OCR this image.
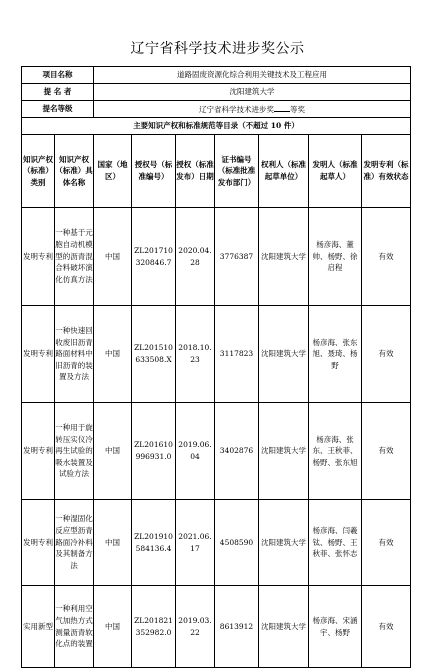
辽宁省科学技术进步奖公示
项目名称		道路固废资源化综合利用关键技术及工程应用						
提 名 者		沈阳建筑大学						
提名等级		辽宁省科学技术进步奖 等奖						
主要知识产权和标准规范等目录（不超过 10 件）								
知识产权（标准）类别	知识产权（标准）具体名称	国家（地区）	授权号（标准编号）	授权（标准发布）日期	证书编号（标准批准发布部门）	权利人（标准起草单位）	发明人（标准起草人）	发明专利（标准）有效状态
发明专利	一种基于元胞自动机模型的沥青混合料破坏演化仿真方法	中国	ZL201710320846.7	2020.04.28	3776387	沈阳建筑大学	杨彦海、董帅、杨野、徐启程	有效
发明专利	一种快速回收废旧沥青路面材料中旧沥青的装置及方法	中国	ZL201510633508.X	2018.10.23	3117823	沈阳建筑大学	杨彦海、张东旭、聂琦、杨野	有效
发明专利	一种用于旋转压实仪冷再生试验的吸水装置及试验方法	中国	ZL201610996931.0	2019.06.04	3402876	沈阳建筑大学	杨彦海、张东、王秋菲、杨野、张东旭	有效
发明专利	一种湿固化反应型沥青路面冷补料及其制备方法	中国	ZL201910584136.4	2021.06.17	4508590	沈阳建筑大学	杨彦海、闫羲钛、杨野、王秋菲、张怀志	有效
实用新型	一种利用空气加热方式测量沥青软化点的装置	中国	ZL201821352982.0	2019.03.22	8613912	沈阳建筑大学	杨彦海、宋涵宇、杨野	有效
